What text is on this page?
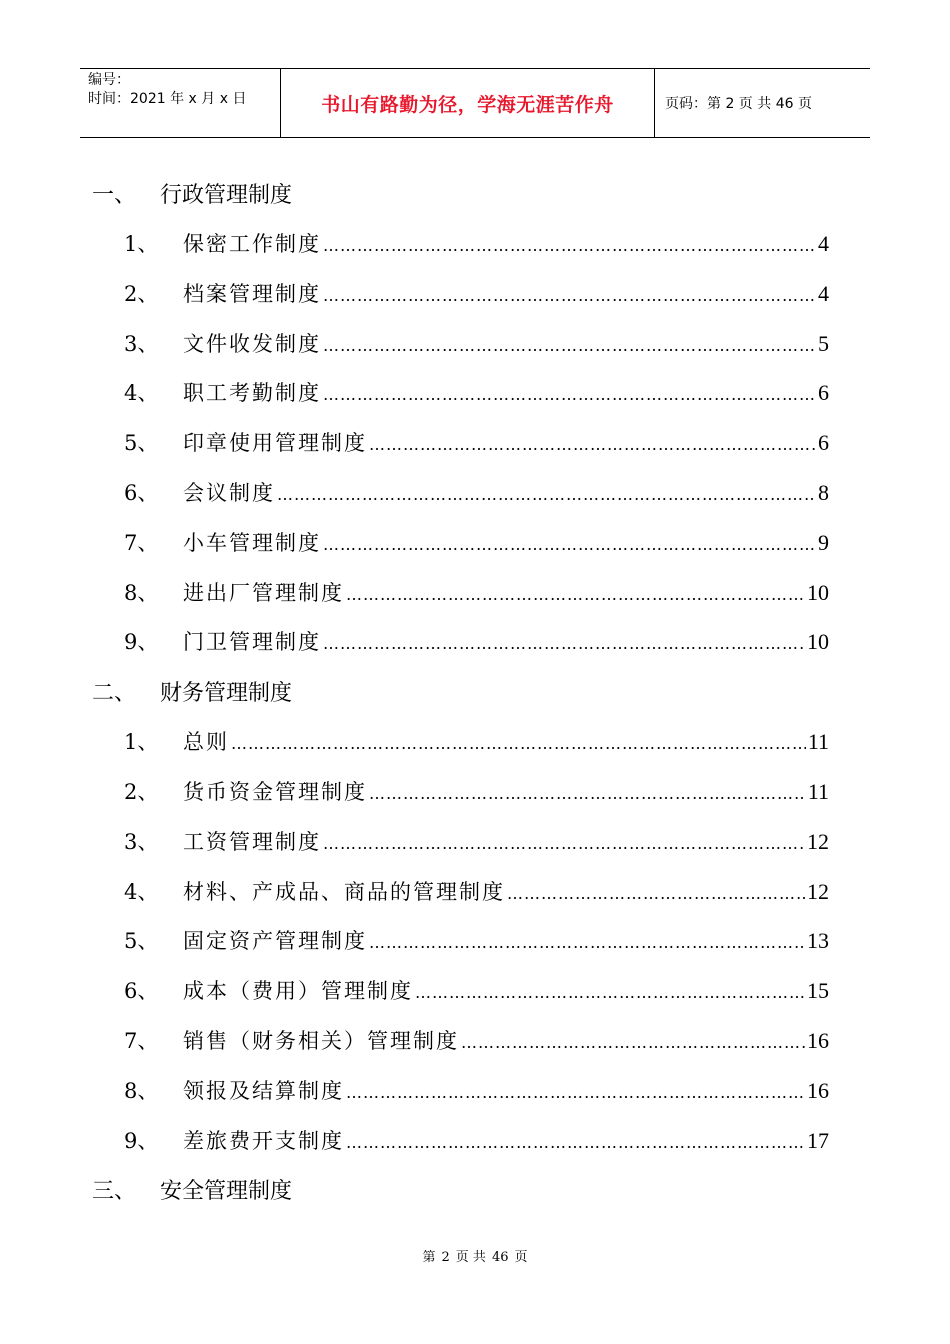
编号：
时间：2021 年 x 月 x 日	书山有路勤为径，学海无涯苦作舟	页码：第 2 页 共 46 页
一、 行政管理制度
1、 保密工作制度 …………………………………………………………………………………………………………………………………………	4
2、 档案管理制度 …………………………………………………………………………………………………………………………………………	4
3、 文件收发制度 …………………………………………………………………………………………………………………………………………	5
4、 职工考勤制度 …………………………………………………………………………………………………………………………………………	6
5、 印章使用管理制度 …………………………………………………………………………………………………………………………………………	6
6、 会议制度 …………………………………………………………………………………………………………………………………………	8
7、 小车管理制度 …………………………………………………………………………………………………………………………………………	9
8、 进出厂管理制度 …………………………………………………………………………………………………………………………………………	10
9、 门卫管理制度 …………………………………………………………………………………………………………………………………………	10
二、 财务管理制度
1、 总则 …………………………………………………………………………………………………………………………………………	11
2、 货币资金管理制度 …………………………………………………………………………………………………………………………………………	11
3、 工资管理制度 …………………………………………………………………………………………………………………………………………	12
4、 材料、产成品、商品的管理制度 …………………………………………………………………………………………………………………………………………	12
5、 固定资产管理制度 …………………………………………………………………………………………………………………………………………	13
6、 成本（费用）管理制度 …………………………………………………………………………………………………………………………………………	15
7、 销售（财务相关）管理制度 …………………………………………………………………………………………………………………………………………	16
8、 领报及结算制度 …………………………………………………………………………………………………………………………………………	16
9、 差旅费开支制度 …………………………………………………………………………………………………………………………………………	17
三、 安全管理制度
第 2 页 共 46 页
